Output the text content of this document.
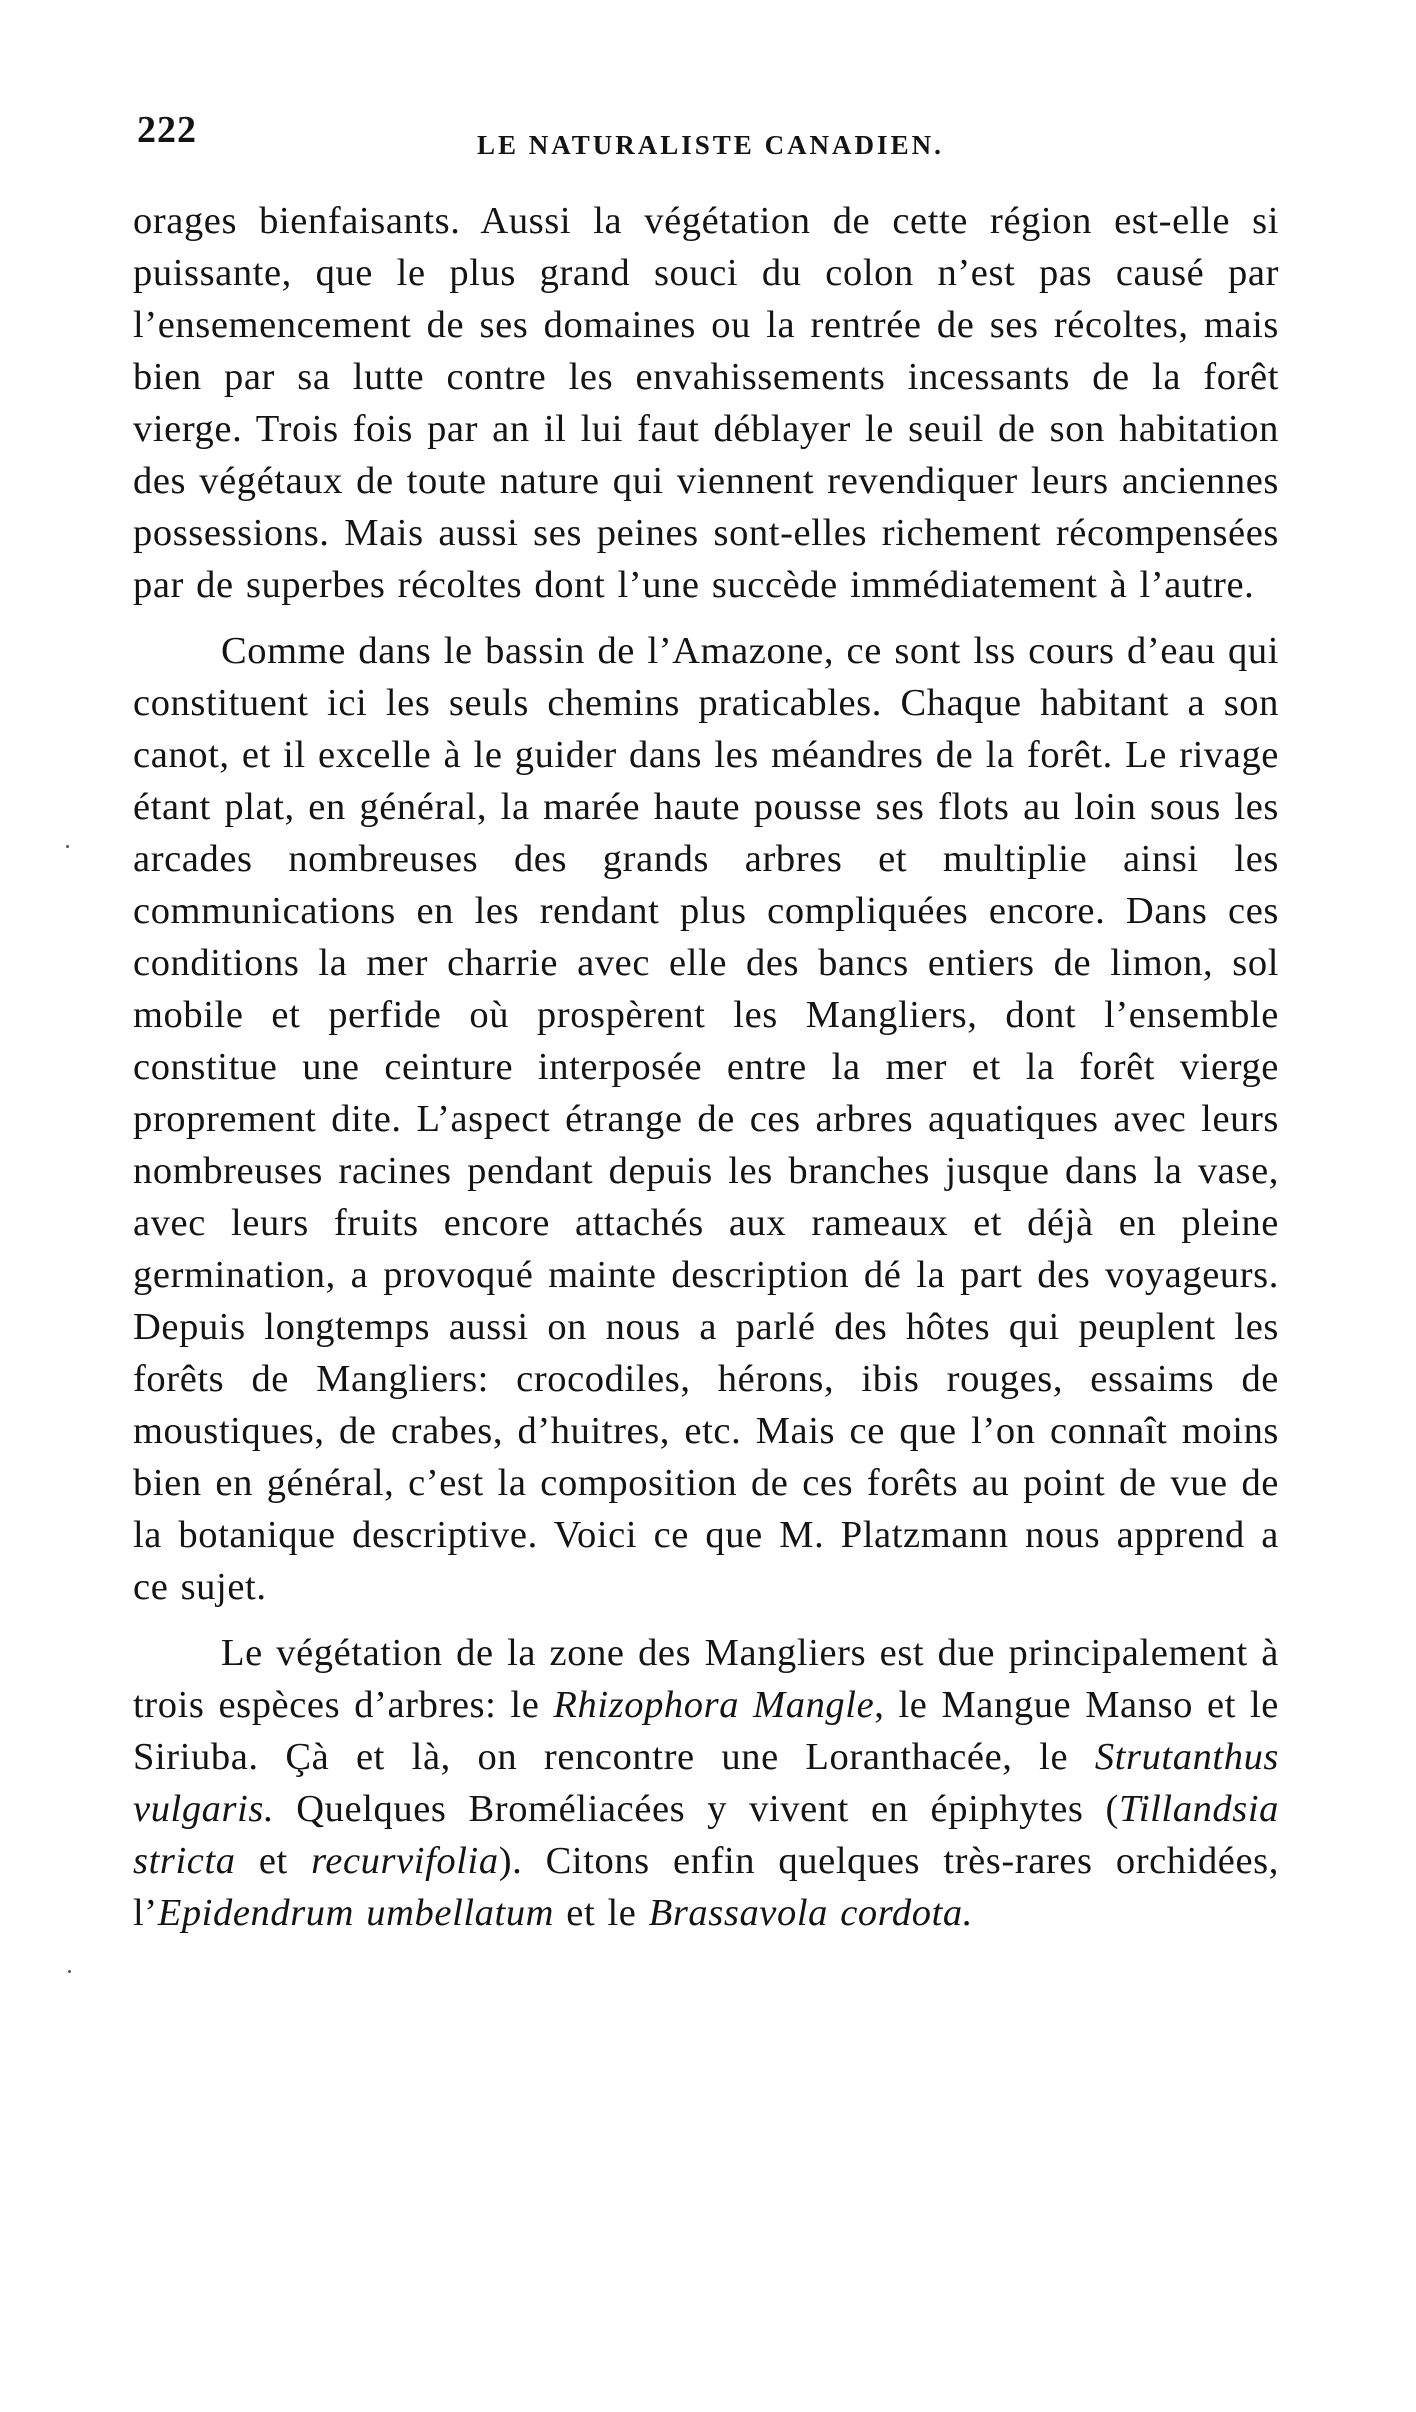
222	LE NATURALISTE CANADIEN.

orages bienfaisants. Aussi la végétation de cette région est-elle si puissante, que le plus grand souci du colon n’est pas causé par l’ensemencement de ses domaines ou la rentrée de ses récoltes, mais bien par sa lutte contre les envahissements incessants de la forêt vierge. Trois fois par an il lui faut déblayer le seuil de son habitation des végétaux de toute nature qui viennent revendiquer leurs anciennes possessions. Mais aussi ses peines sont-elles richement récompensées par de superbes récoltes dont l’une succède immédiatement à l’autre.

Comme dans le bassin de l’Amazone, ce sont lss cours d’eau qui constituent ici les seuls chemins praticables. Chaque habitant a son canot, et il excelle à le guider dans les méandres de la forêt. Le rivage étant plat, en général, la marée haute pousse ses flots au loin sous les arcades nombreuses des grands arbres et multiplie ainsi les communications en les rendant plus compliquées encore. Dans ces conditions la mer charrie avec elle des bancs entiers de limon, sol mobile et perfide où prospèrent les Mangliers, dont l’ensemble constitue une ceinture interposée entre la mer et la forêt vierge proprement dite. L’aspect étrange de ces arbres aquatiques avec leurs nombreuses racines pendant depuis les branches jusque dans la vase, avec leurs fruits encore attachés aux rameaux et déjà en pleine germination, a provoqué mainte description dé la part des voyageurs. Depuis longtemps aussi on nous a parlé des hôtes qui peuplent les forêts de Mangliers: crocodiles, hérons, ibis rouges, essaims de moustiques, de crabes, d’huitres, etc. Mais ce que l’on connaît moins bien en général, c’est la composition de ces forêts au point de vue de la botanique descriptive. Voici ce que M. Platzmann nous apprend a ce sujet.

Le végétation de la zone des Mangliers est due principalement à trois espèces d’arbres: le Rhizophora Mangle, le Mangue Manso et le Siriuba. Çà et là, on rencontre une Loranthacée, le Strutanthus vulgaris. Quelques Broméliacées y vivent en épiphytes (Tillandsia stricta et recurvifolia). Citons enfin quelques très-rares orchidées, l’Epidendrum umbellatum et le Brassavola cordota.
